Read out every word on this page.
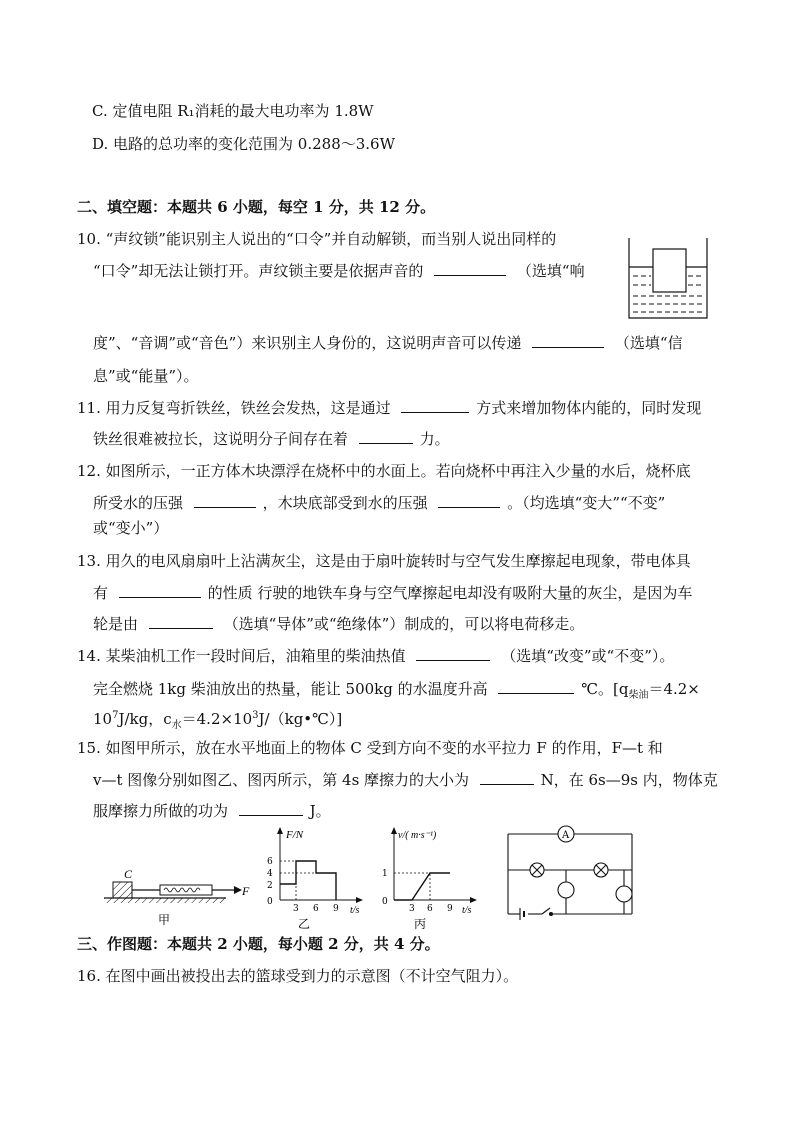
C. 定值电阻 R₁消耗的最大电功率为 1.8W
D. 电路的总功率的变化范围为 0.288～3.6W
二、填空题：本题共 6 小题，每空 1 分，共 12 分。
10. “声纹锁”能识别主人说出的“口令”并自动解锁，而当别人说出同样的
“口令”却无法让锁打开。声纹锁主要是依据声音的	（选填“响
度”、“音调”或“音色”）来识别主人身份的，这说明声音可以传递	（选填“信
息”或“能量”）。
11. 用力反复弯折铁丝，铁丝会发热，这是通过	方式来增加物体内能的，同时发现
铁丝很难被拉长，这说明分子间存在着	力。
12. 如图所示，一正方体木块漂浮在烧杯中的水面上。若向烧杯中再注入少量的水后，烧杯底
所受水的压强	，木块底部受到水的压强	。（均选填“变大”“不变”
或“变小”）
13. 用久的电风扇扇叶上沾满灰尘，这是由于扇叶旋转时与空气发生摩擦起电现象，带电体具
有	的性质 行驶的地铁车身与空气摩擦起电却没有吸附大量的灰尘，是因为车
轮是由	（选填“导体”或“绝缘体”）制成的，可以将电荷移走。
14. 某柴油机工作一段时间后，油箱里的柴油热值	（选填“改变”或“不变”）。
完全燃烧 1kg 柴油放出的热量，能让 500kg 的水温度升高	℃。[$q_{柴油}=4.2\times$
$10^7J/kg$，$c_水=4.2\times 10^3J/(kg•℃)$]
15. 如图甲所示，放在水平地面上的物体 C 受到方向不变的水平拉力 F 的作用，F—t 和
v—t 图像分别如图乙、图丙所示，第 4s 摩擦力的大小为	N，在 6s—9s 内，物体克
服摩擦力所做的功为	J。
C
F
甲
F/N
6
4
2
0
3 6 9 t/s
乙
v/( m·s⁻¹)
1
0
3 6 9 t/s
丙
A
三、作图题：本题共 2 小题，每小题 2 分，共 4 分。
16. 在图中画出被投出去的篮球受到力的示意图（不计空气阻力）。
